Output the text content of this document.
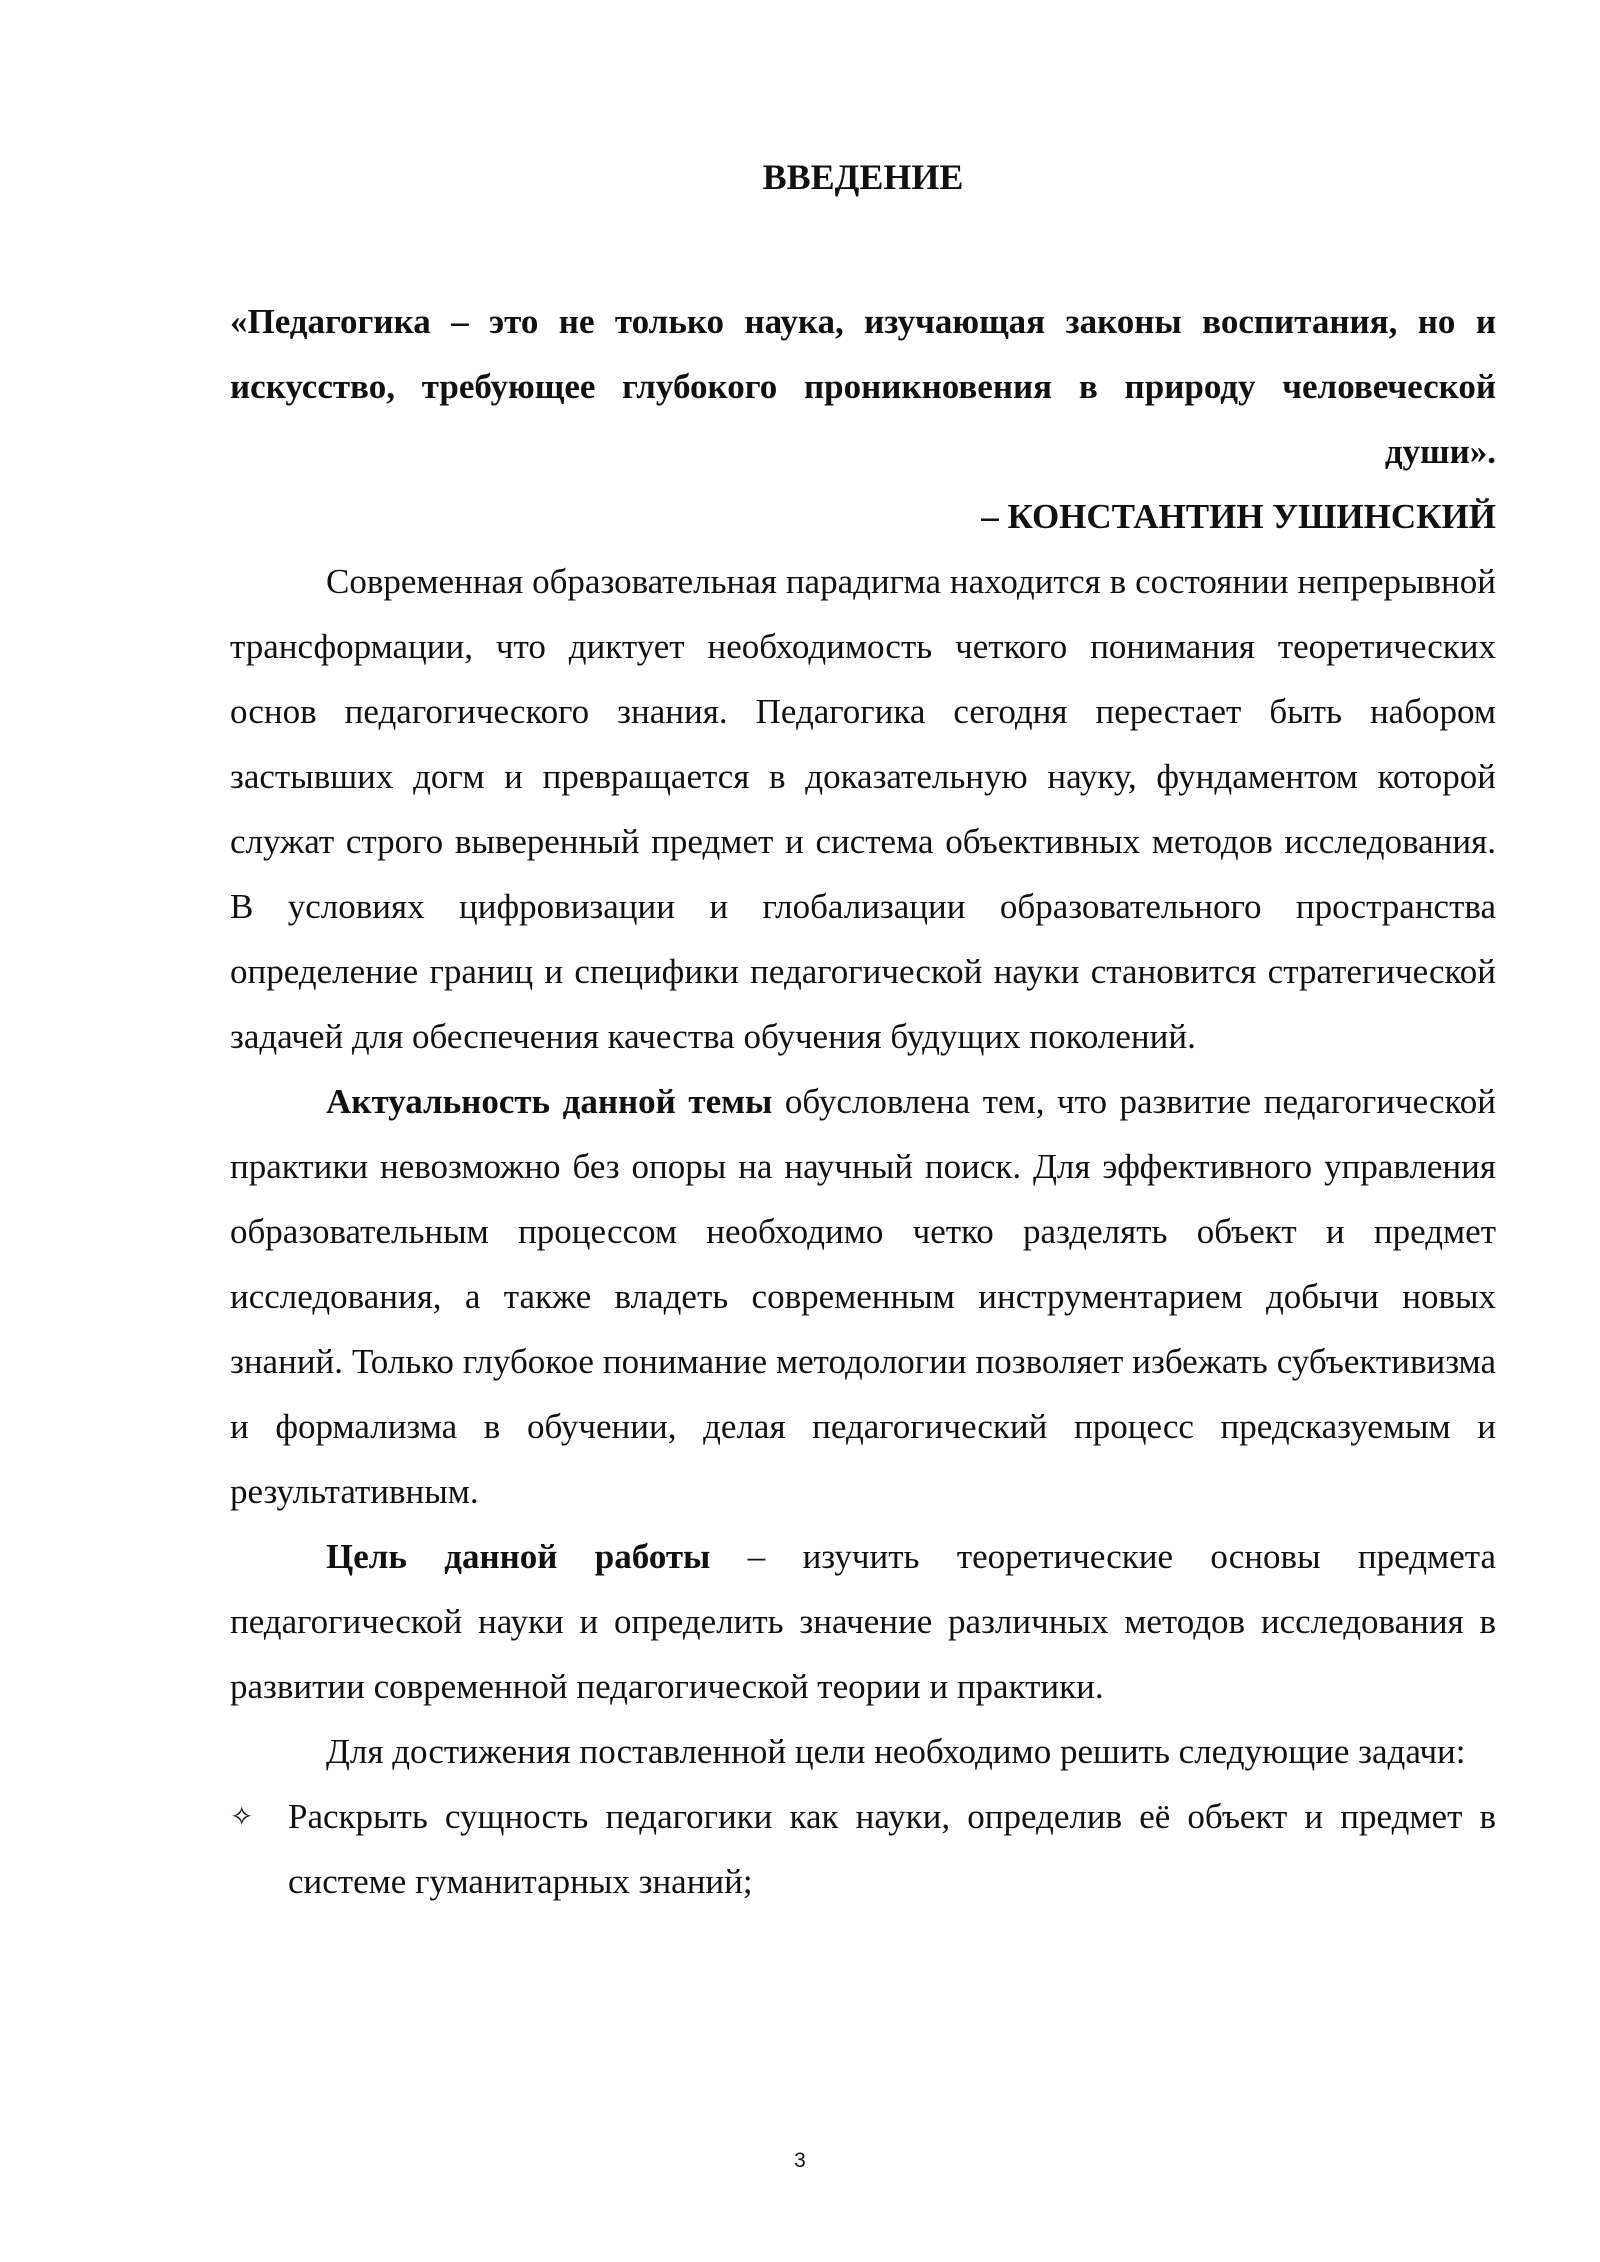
ВВЕДЕНИЕ

«Педагогика – это не только наука, изучающая законы воспитания, но и искусство, требующее глубокого проникновения в природу человеческой души».

– КОНСТАНТИН УШИНСКИЙ

Современная образовательная парадигма находится в состоянии непрерывной трансформации, что диктует необходимость четкого понимания теоретических основ педагогического знания. Педагогика сегодня перестает быть набором застывших догм и превращается в доказательную науку, фундаментом которой служат строго выверенный предмет и система объективных методов исследования. В условиях цифровизации и глобализации образовательного пространства определение границ и специфики педагогической науки становится стратегической задачей для обеспечения качества обучения будущих поколений.

Актуальность данной темы обусловлена тем, что развитие педагогической практики невозможно без опоры на научный поиск. Для эффективного управления образовательным процессом необходимо четко разделять объект и предмет исследования, а также владеть современным инструментарием добычи новых знаний. Только глубокое понимание методологии позволяет избежать субъективизма и формализма в обучении, делая педагогический процесс предсказуемым и результативным.

Цель данной работы – изучить теоретические основы предмета педагогической науки и определить значение различных методов исследования в развитии современной педагогической теории и практики.

Для достижения поставленной цели необходимо решить следующие задачи:

✧ Раскрыть сущность педагогики как науки, определив её объект и предмет в системе гуманитарных знаний;
3
